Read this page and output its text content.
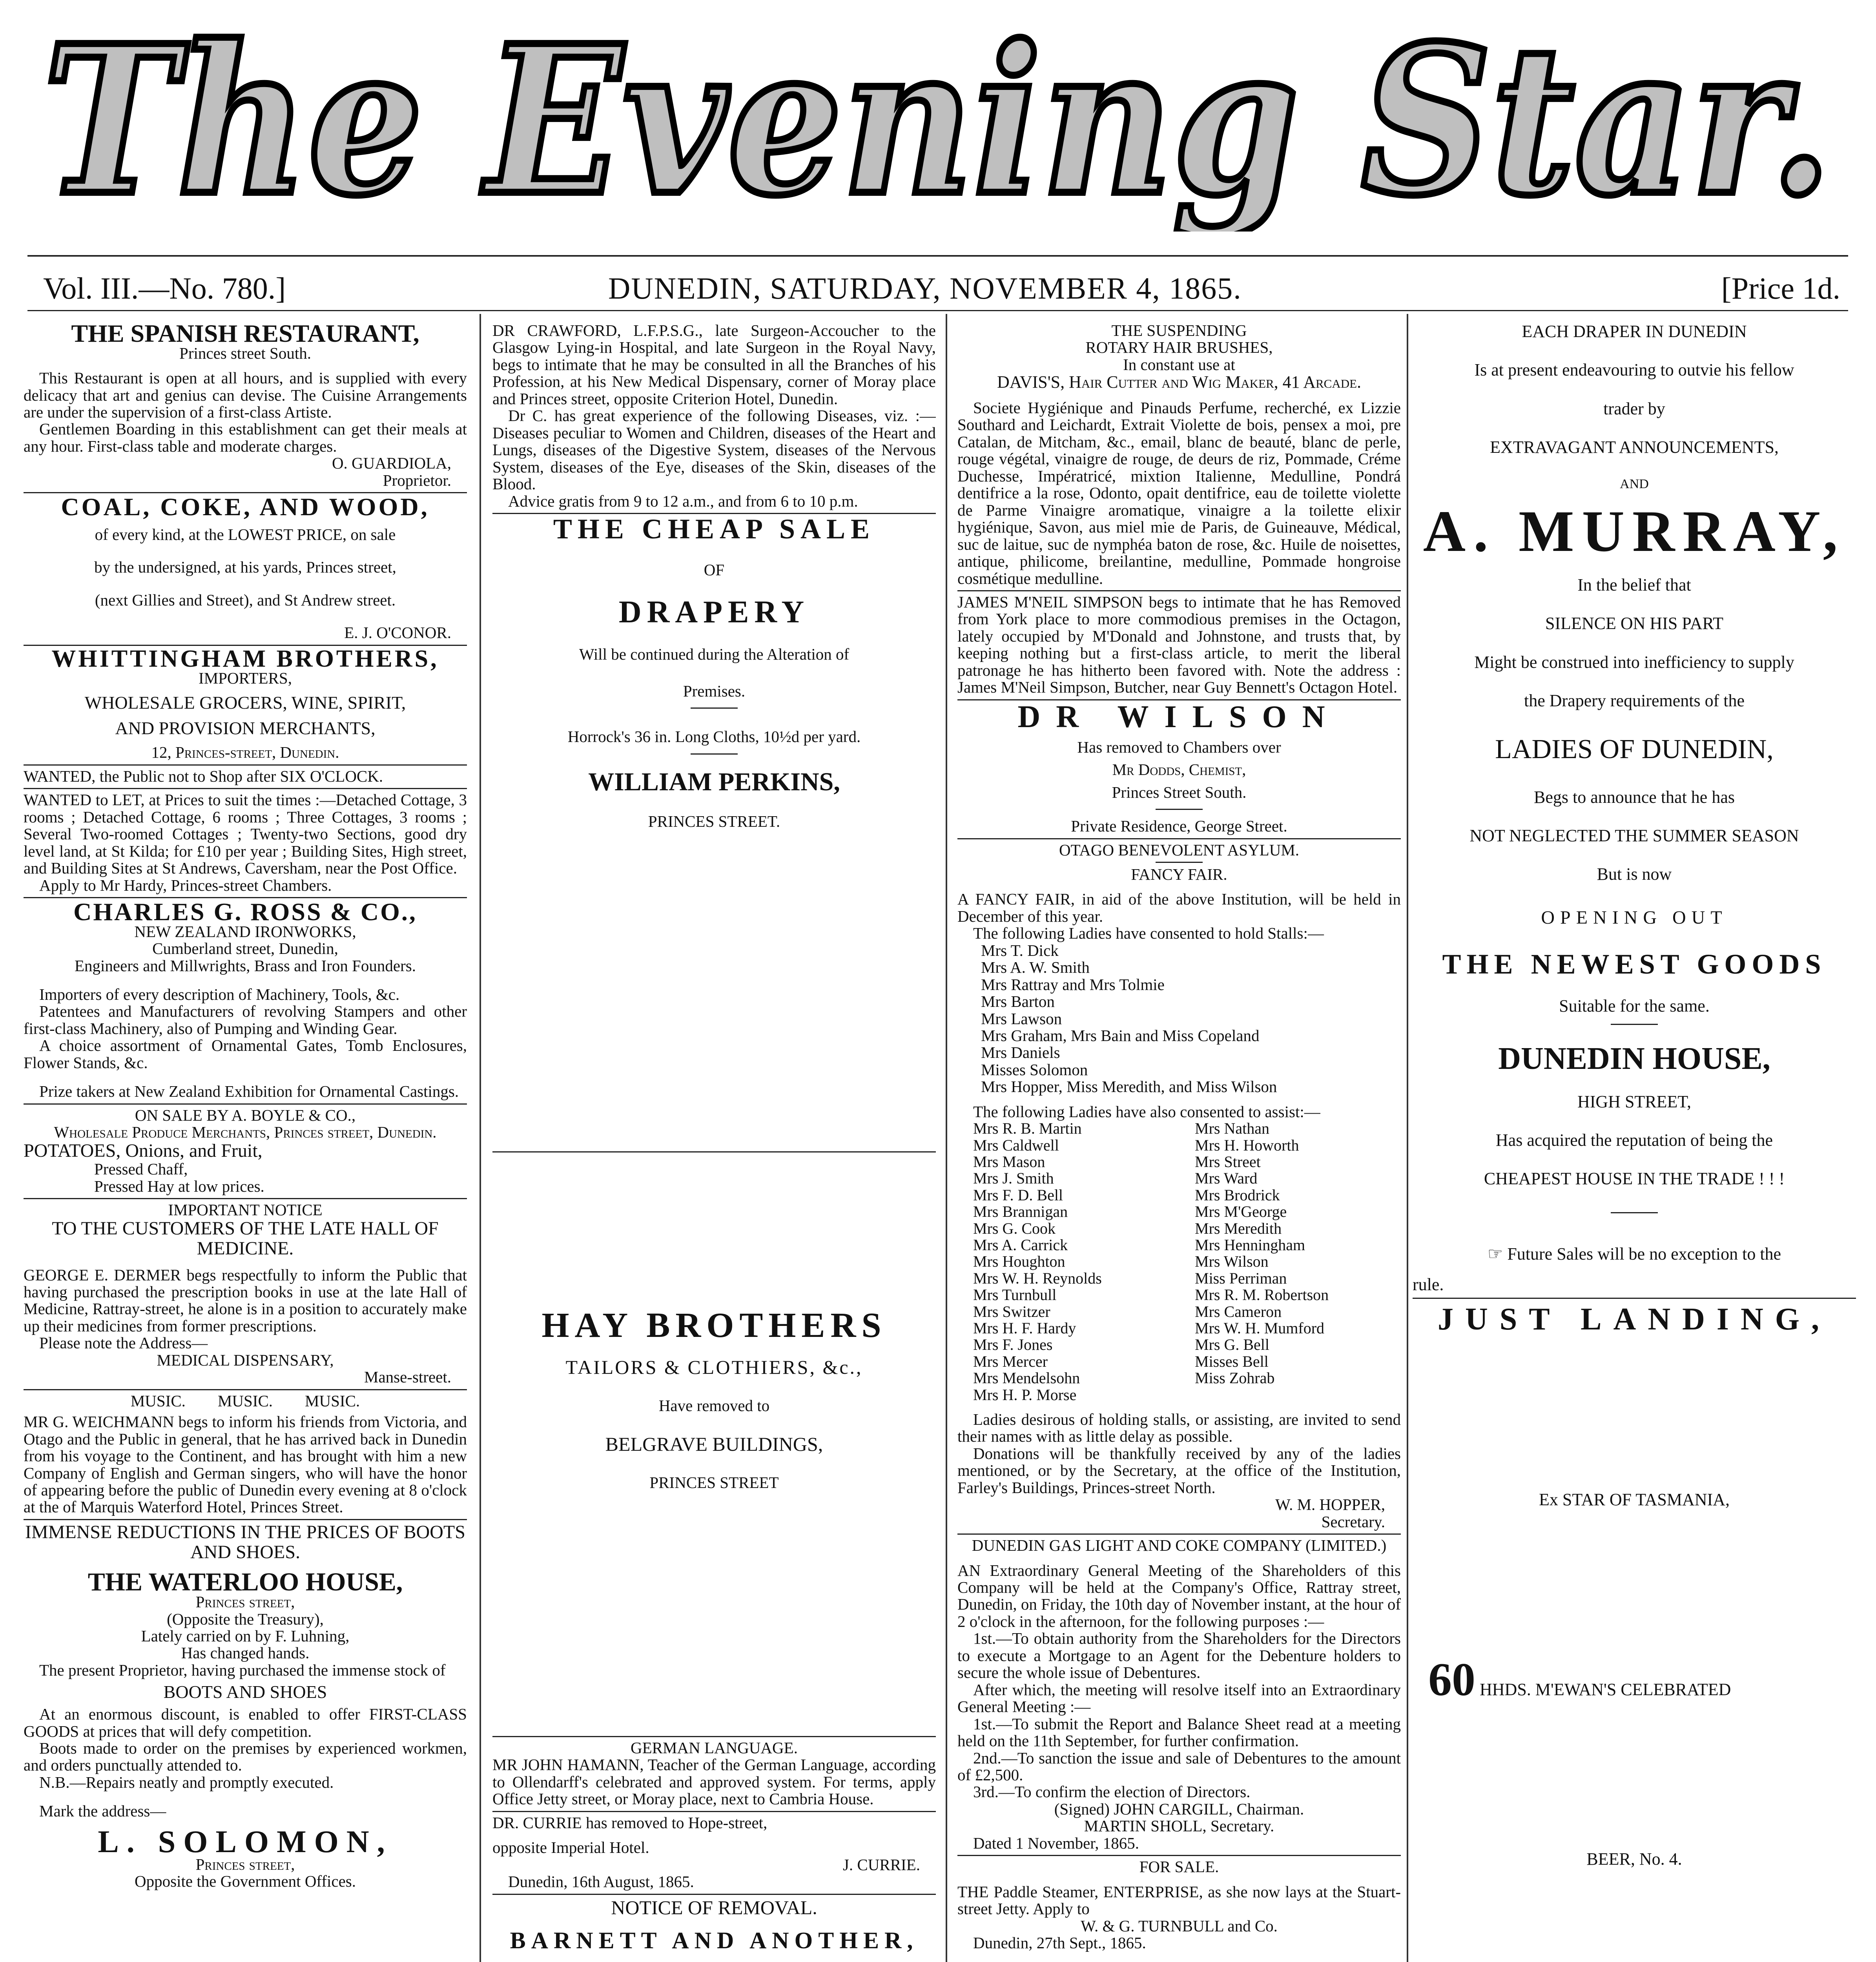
The Evening Star.
The Evening Star.
Vol. III.—No. 780.]	DUNEDIN, SATURDAY, NOVEMBER 4, 1865.	[Price 1d.
THE SPANISH RESTAURANT,
Princes street South.
This Restaurant is open at all hours, and is supplied with every delicacy that art and genius can devise. The Cuisine Arrangements are under the supervision of a first-class Artiste.
Gentlemen Boarding in this establishment can get their meals at any hour. First-class table and moderate charges.
O. GUARDIOLA,
Proprietor.
COAL, COKE, AND WOOD,
of every kind, at the LOWEST PRICE, on sale
by the undersigned, at his yards, Princes street,
(next Gillies and Street), and St Andrew street.
E. J. O'CONOR.
WHITTINGHAM BROTHERS,
IMPORTERS,
WHOLESALE GROCERS, WINE, SPIRIT,
AND PROVISION MERCHANTS,
12, Princes-street, Dunedin.
WANTED, the Public not to Shop after SIX O'CLOCK.
WANTED to LET, at Prices to suit the times :—Detached Cottage, 3 rooms ; Detached Cottage, 6 rooms ; Three Cottages, 3 rooms ; Several Two-roomed Cottages ; Twenty-two Sections, good dry level land, at St Kilda; for £10 per year ; Building Sites, High street, and Building Sites at St Andrews, Caversham, near the Post Office.
Apply to Mr Hardy, Princes-street Chambers.
CHARLES G. ROSS & CO.,
NEW ZEALAND IRONWORKS,
Cumberland street, Dunedin,
Engineers and Millwrights, Brass and Iron Founders.
Importers of every description of Machinery, Tools, &c.
Patentees and Manufacturers of revolving Stampers and other first-class Machinery, also of Pumping and Winding Gear.
A choice assortment of Ornamental Gates, Tomb Enclosures, Flower Stands, &c.
Prize takers at New Zealand Exhibition for Ornamental Castings.
ON SALE BY A. BOYLE & CO.,
Wholesale Produce Merchants, Princes street, Dunedin.
POTATOES, Onions, and Fruit,
Pressed Chaff,
Pressed Hay at low prices.
IMPORTANT NOTICE
TO THE CUSTOMERS OF THE LATE HALL OF MEDICINE.
GEORGE E. DERMER begs respectfully to inform the Public that having purchased the prescription books in use at the late Hall of Medicine, Rattray-street, he alone is in a position to accurately make up their medicines from former prescriptions.
Please note the Address—
MEDICAL DISPENSARY,
Manse-street.
MUSIC.        MUSIC.        MUSIC.
MR G. WEICHMANN begs to inform his friends from Victoria, and Otago and the Public in general, that he has arrived back in Dunedin from his voyage to the Continent, and has brought with him a new Company of English and German singers, who will have the honor of appearing before the public of Dunedin every evening at 8 o'clock at the of Marquis Waterford Hotel, Princes Street.
IMMENSE REDUCTIONS IN THE PRICES OF BOOTS AND SHOES.
THE WATERLOO HOUSE,
Princes street,
(Opposite the Treasury),
Lately carried on by F. Luhning,
Has changed hands.
The present Proprietor, having purchased the immense stock of
BOOTS AND SHOES
At an enormous discount, is enabled to offer FIRST-CLASS GOODS at prices that will defy competition.
Boots made to order on the premises by experienced workmen, and orders punctually attended to.
N.B.—Repairs neatly and promptly executed.
Mark the address—
L. SOLOMON,
Princes street,
Opposite the Government Offices.
DR CRAWFORD, L.F.P.S.G., late Surgeon-Accoucher to the Glasgow Lying-in Hospital, and late Surgeon in the Royal Navy, begs to intimate that he may be consulted in all the Branches of his Profession, at his New Medical Dispensary, corner of Moray place and Princes street, opposite Criterion Hotel, Dunedin.
Dr C. has great experience of the following Diseases, viz. :—Diseases peculiar to Women and Children, diseases of the Heart and Lungs, diseases of the Digestive System, diseases of the Nervous System, diseases of the Eye, diseases of the Skin, diseases of the Blood.
Advice gratis from 9 to 12 a.m., and from 6 to 10 p.m.
THE CHEAP SALE
OF
DRAPERY
Will be continued during the Alteration of
Premises.
Horrock's 36 in. Long Cloths, 10½d per yard.
WILLIAM PERKINS,
PRINCES STREET.
HAY BROTHERS
TAILORS & CLOTHIERS, &c.,
Have removed to
BELGRAVE BUILDINGS,
PRINCES STREET
GERMAN LANGUAGE.
MR JOHN HAMANN, Teacher of the German Language, according to Ollendarff's celebrated and approved system. For terms, apply Office Jetty street, or Moray place, next to Cambria House.
DR. CURRIE has removed to Hope-street,
opposite Imperial Hotel.
J. CURRIE.
Dunedin, 16th August, 1865.
NOTICE OF REMOVAL.
BARNETT AND ANOTHER,
THE SUSPENDING
ROTARY HAIR BRUSHES,
In constant use at
DAVIS'S, Hair Cutter and Wig Maker, 41 Arcade.
Societe Hygiénique and Pinauds Perfume, recherché, ex Lizzie Southard and Leichardt, Extrait Violette de bois, pensex a moi, pre Catalan, de Mitcham, &c., email, blanc de beauté, blanc de perle, rouge végétal, vinaigre de rouge, de deurs de riz, Pommade, Créme Duchesse, Impératricé, mixtion Italienne, Medulline, Pondrá dentifrice a la rose, Odonto, opait dentifrice, eau de toilette violette de Parme Vinaigre aromatique, vinaigre a la toilette elixir hygiénique, Savon, aus miel mie de Paris, de Guineauve, Médical, suc de laitue, suc de nymphéa baton de rose, &c. Huile de noisettes, antique, philicome, breilantine, medulline, Pommade hongroise cosmétique medulline.
JAMES M'NEIL SIMPSON begs to intimate that he has Removed from York place to more commodious premises in the Octagon, lately occupied by M'Donald and Johnstone, and trusts that, by keeping nothing but a first-class article, to merit the liberal patronage he has hitherto been favored with. Note the address : James M'Neil Simpson, Butcher, near Guy Bennett's Octagon Hotel.
DR WILSON
Has removed to Chambers over
Mr Dodds, Chemist,
Princes Street South.
Private Residence, George Street.
OTAGO BENEVOLENT ASYLUM.
FANCY FAIR.
A FANCY FAIR, in aid of the above Institution, will be held in December of this year.
The following Ladies have consented to hold Stalls:—
Mrs T. Dick
Mrs A. W. Smith
Mrs Rattray and Mrs Tolmie
Mrs Barton
Mrs Lawson
Mrs Graham, Mrs Bain and Miss Copeland
Mrs Daniels
Misses Solomon
Mrs Hopper, Miss Meredith, and Miss Wilson
The following Ladies have also consented to assist:—
Mrs R. B. Martin
Mrs Caldwell
Mrs Mason
Mrs J. Smith
Mrs F. D. Bell
Mrs Brannigan
Mrs G. Cook
Mrs A. Carrick
Mrs Houghton
Mrs W. H. Reynolds
Mrs Turnbull
Mrs Switzer
Mrs H. F. Hardy
Mrs F. Jones
Mrs Mercer
Mrs Mendelsohn
Mrs H. P. Morse
Mrs Nathan
Mrs H. Howorth
Mrs Street
Mrs Ward
Mrs Brodrick
Mrs M'George
Mrs Meredith
Mrs Henningham
Mrs Wilson
Miss Perriman
Mrs R. M. Robertson
Mrs Cameron
Mrs W. H. Mumford
Mrs G. Bell
Misses Bell
Miss Zohrab
Ladies desirous of holding stalls, or assisting, are invited to send their names with as little delay as possible.
Donations will be thankfully received by any of the ladies mentioned, or by the Secretary, at the office of the Institution, Farley's Buildings, Princes-street North.
W. M. HOPPER,
Secretary.
DUNEDIN GAS LIGHT AND COKE COMPANY (LIMITED.)
AN Extraordinary General Meeting of the Shareholders of this Company will be held at the Company's Office, Rattray street, Dunedin, on Friday, the 10th day of November instant, at the hour of 2 o'clock in the afternoon, for the following purposes :—
1st.—To obtain authority from the Shareholders for the Directors to execute a Mortgage to an Agent for the Debenture holders to secure the whole issue of Debentures.
After which, the meeting will resolve itself into an Extraordinary General Meeting :—
1st.—To submit the Report and Balance Sheet read at a meeting held on the 11th September, for further confirmation.
2nd.—To sanction the issue and sale of Debentures to the amount of £2,500.
3rd.—To confirm the election of Directors.
(Signed) JOHN CARGILL, Chairman.
MARTIN SHOLL, Secretary.
Dated 1 November, 1865.
FOR SALE.
THE Paddle Steamer, ENTERPRISE, as she now lays at the Stuart-street Jetty. Apply to
W. & G. TURNBULL and Co.
Dunedin, 27th Sept., 1865.
EACH DRAPER IN DUNEDIN
Is at present endeavouring to outvie his fellow
trader by
EXTRAVAGANT ANNOUNCEMENTS,
AND
A. MURRAY,
In the belief that
SILENCE ON HIS PART
Might be construed into inefficiency to supply
the Drapery requirements of the
LADIES OF DUNEDIN,
Begs to announce that he has
NOT NEGLECTED THE SUMMER SEASON
But is now
OPENING OUT
THE NEWEST GOODS
Suitable for the same.
DUNEDIN HOUSE,
HIGH STREET,
Has acquired the reputation of being the
CHEAPEST HOUSE IN THE TRADE ! ! !
☞ Future Sales will be no exception to the
rule.
JUST LANDING,
Ex STAR OF TASMANIA,
60 HHDS. M'EWAN'S CELEBRATED
BEER, No. 4.
